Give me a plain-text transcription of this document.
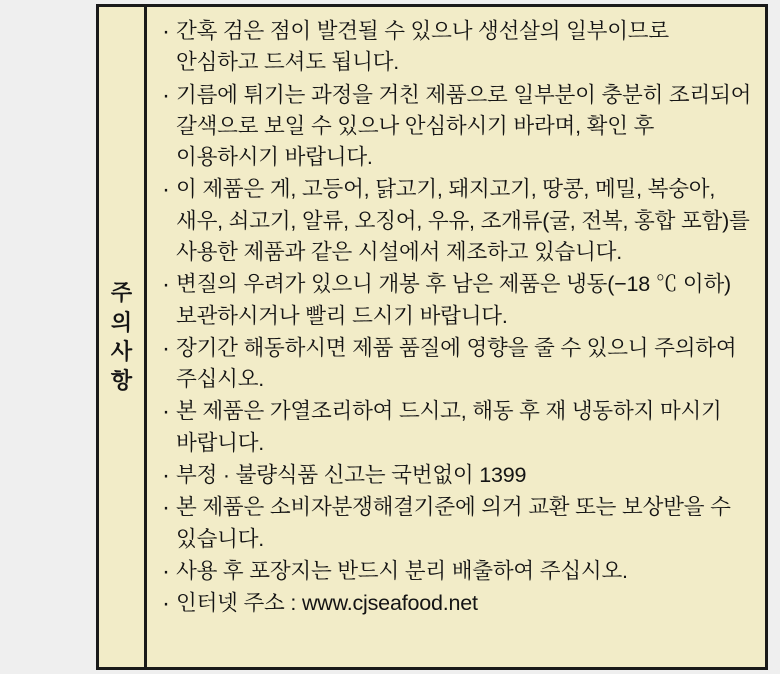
주
의
사
항
· 간혹 검은 점이 발견될 수 있으나 생선살의 일부이므로 안심하고 드셔도 됩니다.
· 기름에 튀기는 과정을 거친 제품으로 일부분이 충분히 조리되어 갈색으로 보일 수 있으나 안심하시기 바라며, 확인 후 이용하시기 바랍니다.
· 이 제품은 게, 고등어, 닭고기, 돼지고기, 땅콩, 메밀, 복숭아, 새우, 쇠고기, 알류, 오징어, 우유, 조개류(굴, 전복, 홍합 포함)를 사용한 제품과 같은 시설에서 제조하고 있습니다.
· 변질의 우려가 있으니 개봉 후 남은 제품은 냉동(−18 ℃ 이하) 보관하시거나 빨리 드시기 바랍니다.
· 장기간 해동하시면 제품 품질에 영향을 줄 수 있으니 주의하여 주십시오.
· 본 제품은 가열조리하여 드시고, 해동 후 재 냉동하지 마시기 바랍니다.
· 부정 · 불량식품 신고는 국번없이 1399
· 본 제품은 소비자분쟁해결기준에 의거 교환 또는 보상받을 수 있습니다.
· 사용 후 포장지는 반드시 분리 배출하여 주십시오.
· 인터넷 주소 : www.cjseafood.net
